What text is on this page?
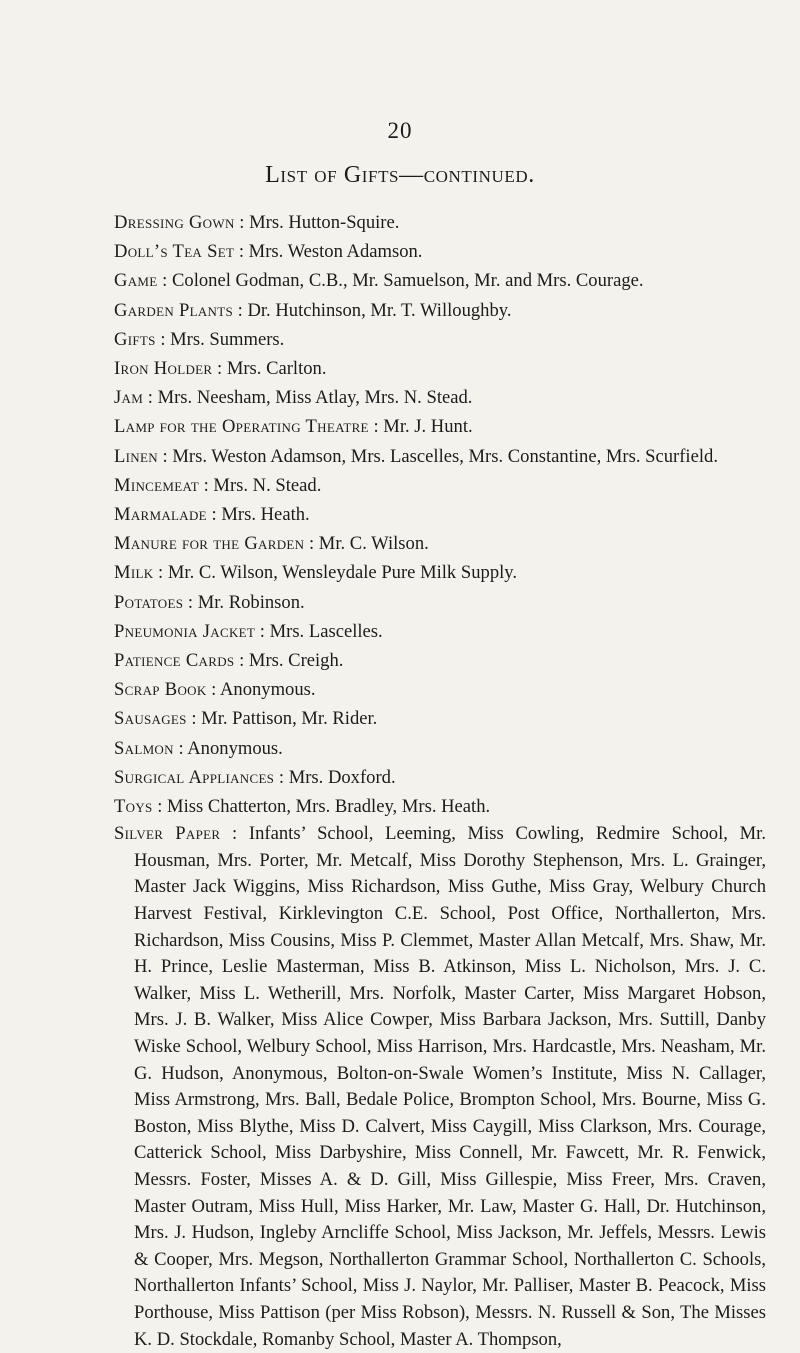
20
List of Gifts—continued.

Dressing Gown : Mrs. Hutton-Squire.

Doll’s Tea Set : Mrs. Weston Adamson.

Game : Colonel Godman, C.B., Mr. Samuelson, Mr. and Mrs. Courage.

Garden Plants : Dr. Hutchinson, Mr. T. Willoughby.

Gifts : Mrs. Summers.

Iron Holder : Mrs. Carlton.

Jam : Mrs. Neesham, Miss Atlay, Mrs. N. Stead.

Lamp for the Operating Theatre : Mr. J. Hunt.

Linen : Mrs. Weston Adamson, Mrs. Lascelles, Mrs. Constantine, Mrs. Scurfield.

Mincemeat : Mrs. N. Stead.

Marmalade : Mrs. Heath.

Manure for the Garden : Mr. C. Wilson.

Milk : Mr. C. Wilson, Wensleydale Pure Milk Supply.

Potatoes : Mr. Robinson.

Pneumonia Jacket : Mrs. Lascelles.

Patience Cards : Mrs. Creigh.

Scrap Book : Anonymous.

Sausages : Mr. Pattison, Mr. Rider.

Salmon : Anonymous.

Surgical Appliances : Mrs. Doxford.

Toys : Miss Chatterton, Mrs. Bradley, Mrs. Heath.

Silver Paper : Infants’ School, Leeming, Miss Cowling, Redmire School, Mr. Housman, Mrs. Porter, Mr. Metcalf, Miss Dorothy Stephenson, Mrs. L. Grainger, Master Jack Wiggins, Miss Richardson, Miss Guthe, Miss Gray, Welbury Church Harvest Festival, Kirklevington C.E. School, Post Office, Northallerton, Mrs. Richardson, Miss Cousins, Miss P. Clemmet, Master Allan Metcalf, Mrs. Shaw, Mr. H. Prince, Leslie Masterman, Miss B. Atkinson, Miss L. Nicholson, Mrs. J. C. Walker, Miss L. Wetherill, Mrs. Norfolk, Master Carter, Miss Margaret Hobson, Mrs. J. B. Walker, Miss Alice Cowper, Miss Barbara Jackson, Mrs. Suttill, Danby Wiske School, Welbury School, Miss Harrison, Mrs. Hardcastle, Mrs. Neasham, Mr. G. Hudson, Anonymous, Bolton-on-Swale Women’s Institute, Miss N. Callager, Miss Armstrong, Mrs. Ball, Bedale Police, Brompton School, Mrs. Bourne, Miss G. Boston, Miss Blythe, Miss D. Calvert, Miss Caygill, Miss Clarkson, Mrs. Courage, Catterick School, Miss Darbyshire, Miss Connell, Mr. Fawcett, Mr. R. Fenwick, Messrs. Foster, Misses A. & D. Gill, Miss Gillespie, Miss Freer, Mrs. Craven, Master Outram, Miss Hull, Miss Harker, Mr. Law, Master G. Hall, Dr. Hutchinson, Mrs. J. Hudson, Ingleby Arncliffe School, Miss Jackson, Mr. Jeffels, Messrs. Lewis & Cooper, Mrs. Megson, Northallerton Grammar School, Northallerton C. Schools, Northallerton Infants’ School, Miss J. Naylor, Mr. Palliser, Master B. Peacock, Miss Porthouse, Miss Pattison (per Miss Robson), Messrs. N. Russell & Son, The Misses K. D. Stockdale, Romanby School, Master A. Thompson,
